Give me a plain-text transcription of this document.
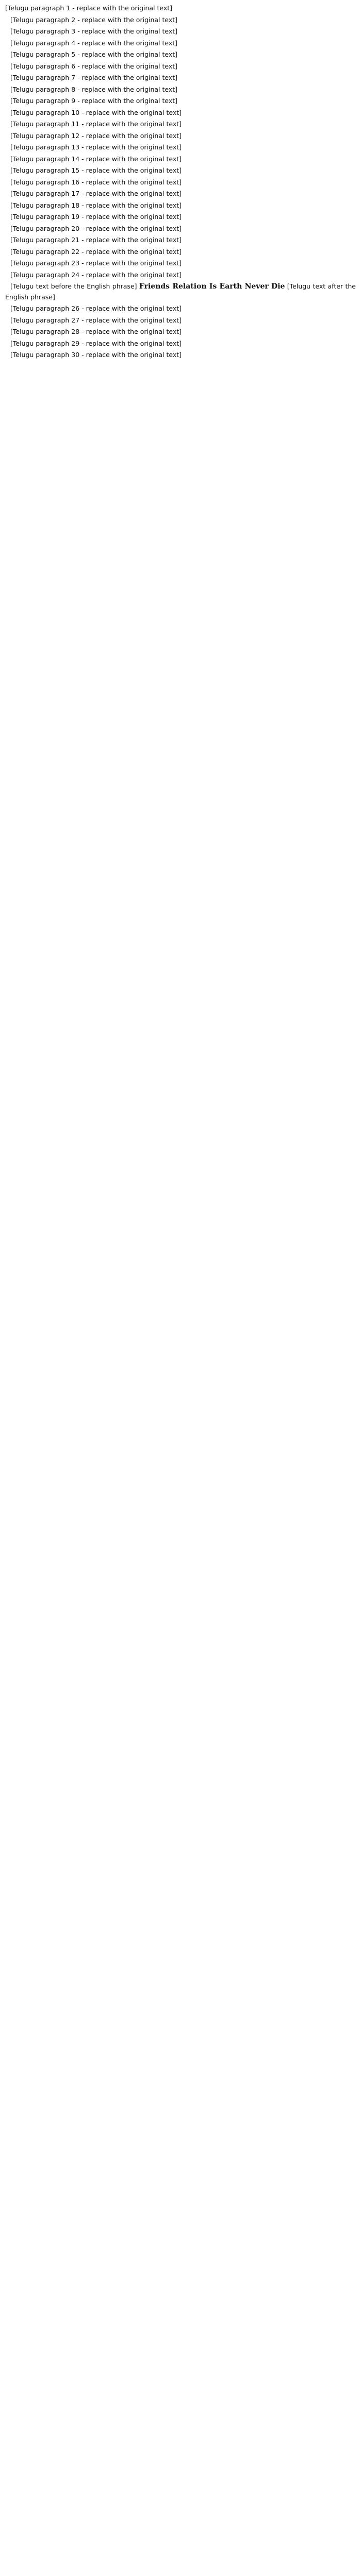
[Telugu paragraph 1 - replace with the original text]

[Telugu paragraph 2 - replace with the original text]

[Telugu paragraph 3 - replace with the original text]

[Telugu paragraph 4 - replace with the original text]

[Telugu paragraph 5 - replace with the original text]

[Telugu paragraph 6 - replace with the original text]

[Telugu paragraph 7 - replace with the original text]

[Telugu paragraph 8 - replace with the original text]

[Telugu paragraph 9 - replace with the original text]

[Telugu paragraph 10 - replace with the original text]

[Telugu paragraph 11 - replace with the original text]

[Telugu paragraph 12 - replace with the original text]

[Telugu paragraph 13 - replace with the original text]

[Telugu paragraph 14 - replace with the original text]

[Telugu paragraph 15 - replace with the original text]

[Telugu paragraph 16 - replace with the original text]

[Telugu paragraph 17 - replace with the original text]

[Telugu paragraph 18 - replace with the original text]

[Telugu paragraph 19 - replace with the original text]

[Telugu paragraph 20 - replace with the original text]

[Telugu paragraph 21 - replace with the original text]

[Telugu paragraph 22 - replace with the original text]

[Telugu paragraph 23 - replace with the original text]

[Telugu paragraph 24 - replace with the original text]

[Telugu text before the English phrase] Friends Relation Is Earth Never Die [Telugu text after the English phrase]

[Telugu paragraph 26 - replace with the original text]

[Telugu paragraph 27 - replace with the original text]

[Telugu paragraph 28 - replace with the original text]

[Telugu paragraph 29 - replace with the original text]

[Telugu paragraph 30 - replace with the original text]
